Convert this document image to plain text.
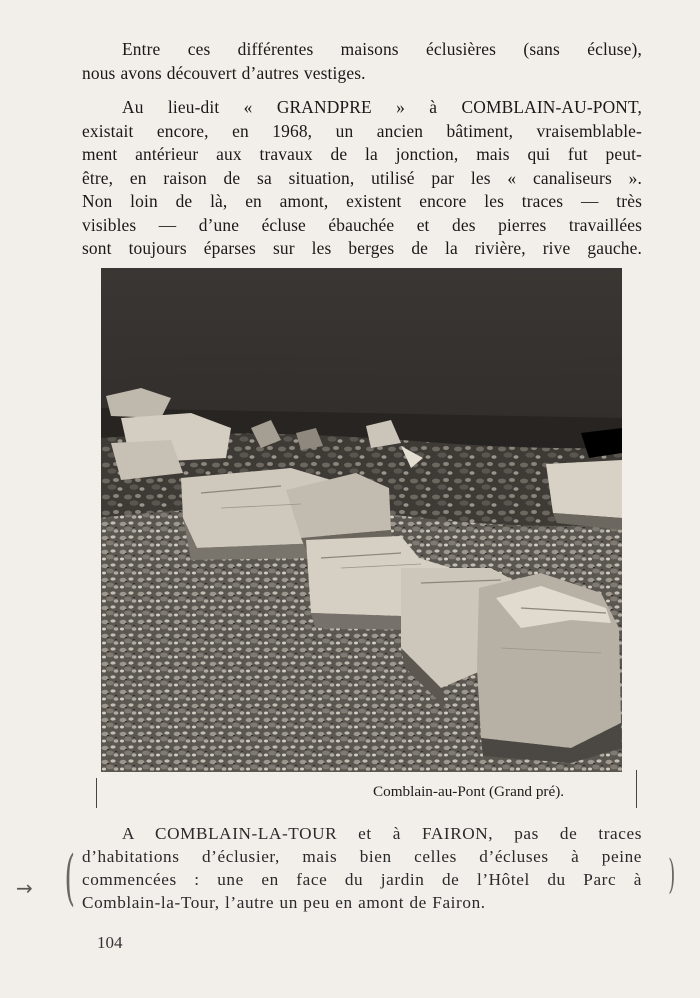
Entre ces différentes maisons éclusières (sans écluse),
nous avons découvert d’autres vestiges.
Au lieu-dit « GRANDPRE » à COMBLAIN-AU-PONT,
existait encore, en 1968, un ancien bâtiment, vraisemblable-
ment antérieur aux travaux de la jonction, mais qui fut peut-
être, en raison de sa situation, utilisé par les « canaliseurs ».
Non loin de là, en amont, existent encore les traces — très
visibles — d’une écluse ébauchée et des pierres travaillées
sont toujours éparses sur les berges de la rivière, rive gauche.
Comblain-au-Pont (Grand pré).
A COMBLAIN-LA-TOUR et à FAIRON, pas de traces
d’habitations d’éclusier, mais bien celles d’écluses à peine
commencées : une en face du jardin de l’Hôtel du Parc à
Comblain-la-Tour, l’autre un peu en amont de Fairon.
→ (	)
104
